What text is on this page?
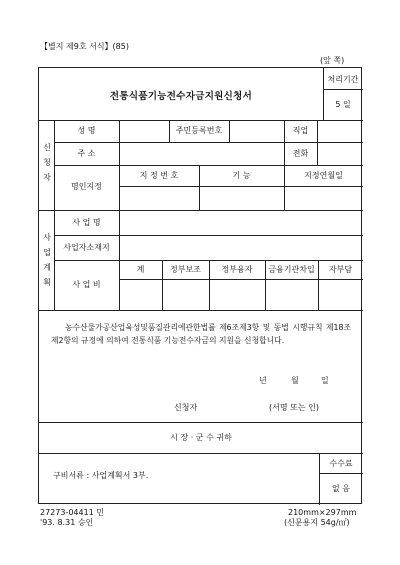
【별지 제9호 서식】(85)
(앞 쪽)
전통식품기능전수자금지원신청서
처리기간
5 일
신청자
성 명	주민등록번호	직업
주 소	전화
명인지정
지 정 번 호	기 능	지정연월일
사업계획
사 업 명
사업자소재지
사 업 비
계	정부보조	정부융자	금융기관차입	자부담
농수산물가공산업육성및품질관리에관한법률 제6조제3항 및 동법 시행규칙 제18조제2항의 규정에 의하여 전통식품 기능전수자금의 지원을 신청합니다.
년	월	일
신청자	(서명 또는 인)
시 장 · 군 수 귀하
구비서류 : 사업계획서 3부.
수수료
없 음
27273-04411 민
'93. 8.31 승인
210mm×297mm
(신문용지 54g/㎡)
